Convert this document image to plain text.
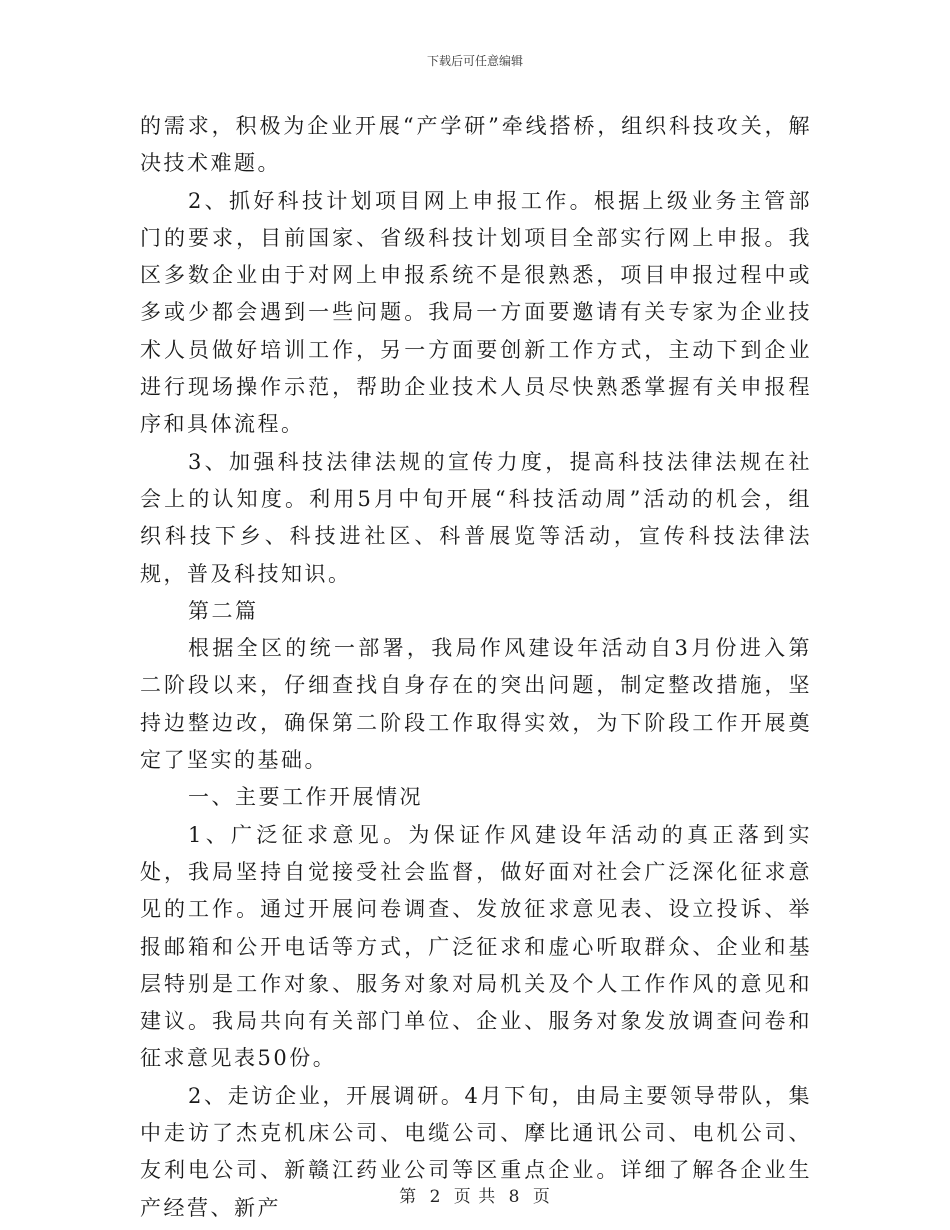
下载后可任意编辑

的需求，积极为企业开展“产学研”牵线搭桥，组织科技攻关，解决技术难题。

2、抓好科技计划项目网上申报工作。根据上级业务主管部门的要求，目前国家、省级科技计划项目全部实行网上申报。我区多数企业由于对网上申报系统不是很熟悉，项目申报过程中或多或少都会遇到一些问题。我局一方面要邀请有关专家为企业技术人员做好培训工作，另一方面要创新工作方式，主动下到企业进行现场操作示范，帮助企业技术人员尽快熟悉掌握有关申报程序和具体流程。

3、加强科技法律法规的宣传力度，提高科技法律法规在社会上的认知度。利用5月中旬开展“科技活动周”活动的机会，组织科技下乡、科技进社区、科普展览等活动，宣传科技法律法规，普及科技知识。

第二篇

根据全区的统一部署，我局作风建设年活动自3月份进入第二阶段以来，仔细查找自身存在的突出问题，制定整改措施，坚持边整边改，确保第二阶段工作取得实效，为下阶段工作开展奠定了坚实的基础。

一、主要工作开展情况

1、广泛征求意见。为保证作风建设年活动的真正落到实处，我局坚持自觉接受社会监督，做好面对社会广泛深化征求意见的工作。通过开展问卷调查、发放征求意见表、设立投诉、举报邮箱和公开电话等方式，广泛征求和虚心听取群众、企业和基层特别是工作对象、服务对象对局机关及个人工作作风的意见和建议。我局共向有关部门单位、企业、服务对象发放调查问卷和征求意见表50份。

2、走访企业，开展调研。4月下旬，由局主要领导带队，集中走访了杰克机床公司、电缆公司、摩比通讯公司、电机公司、友利电公司、新赣江药业公司等区重点企业。详细了解各企业生产经营、新产	第 2 页 共 8 页
